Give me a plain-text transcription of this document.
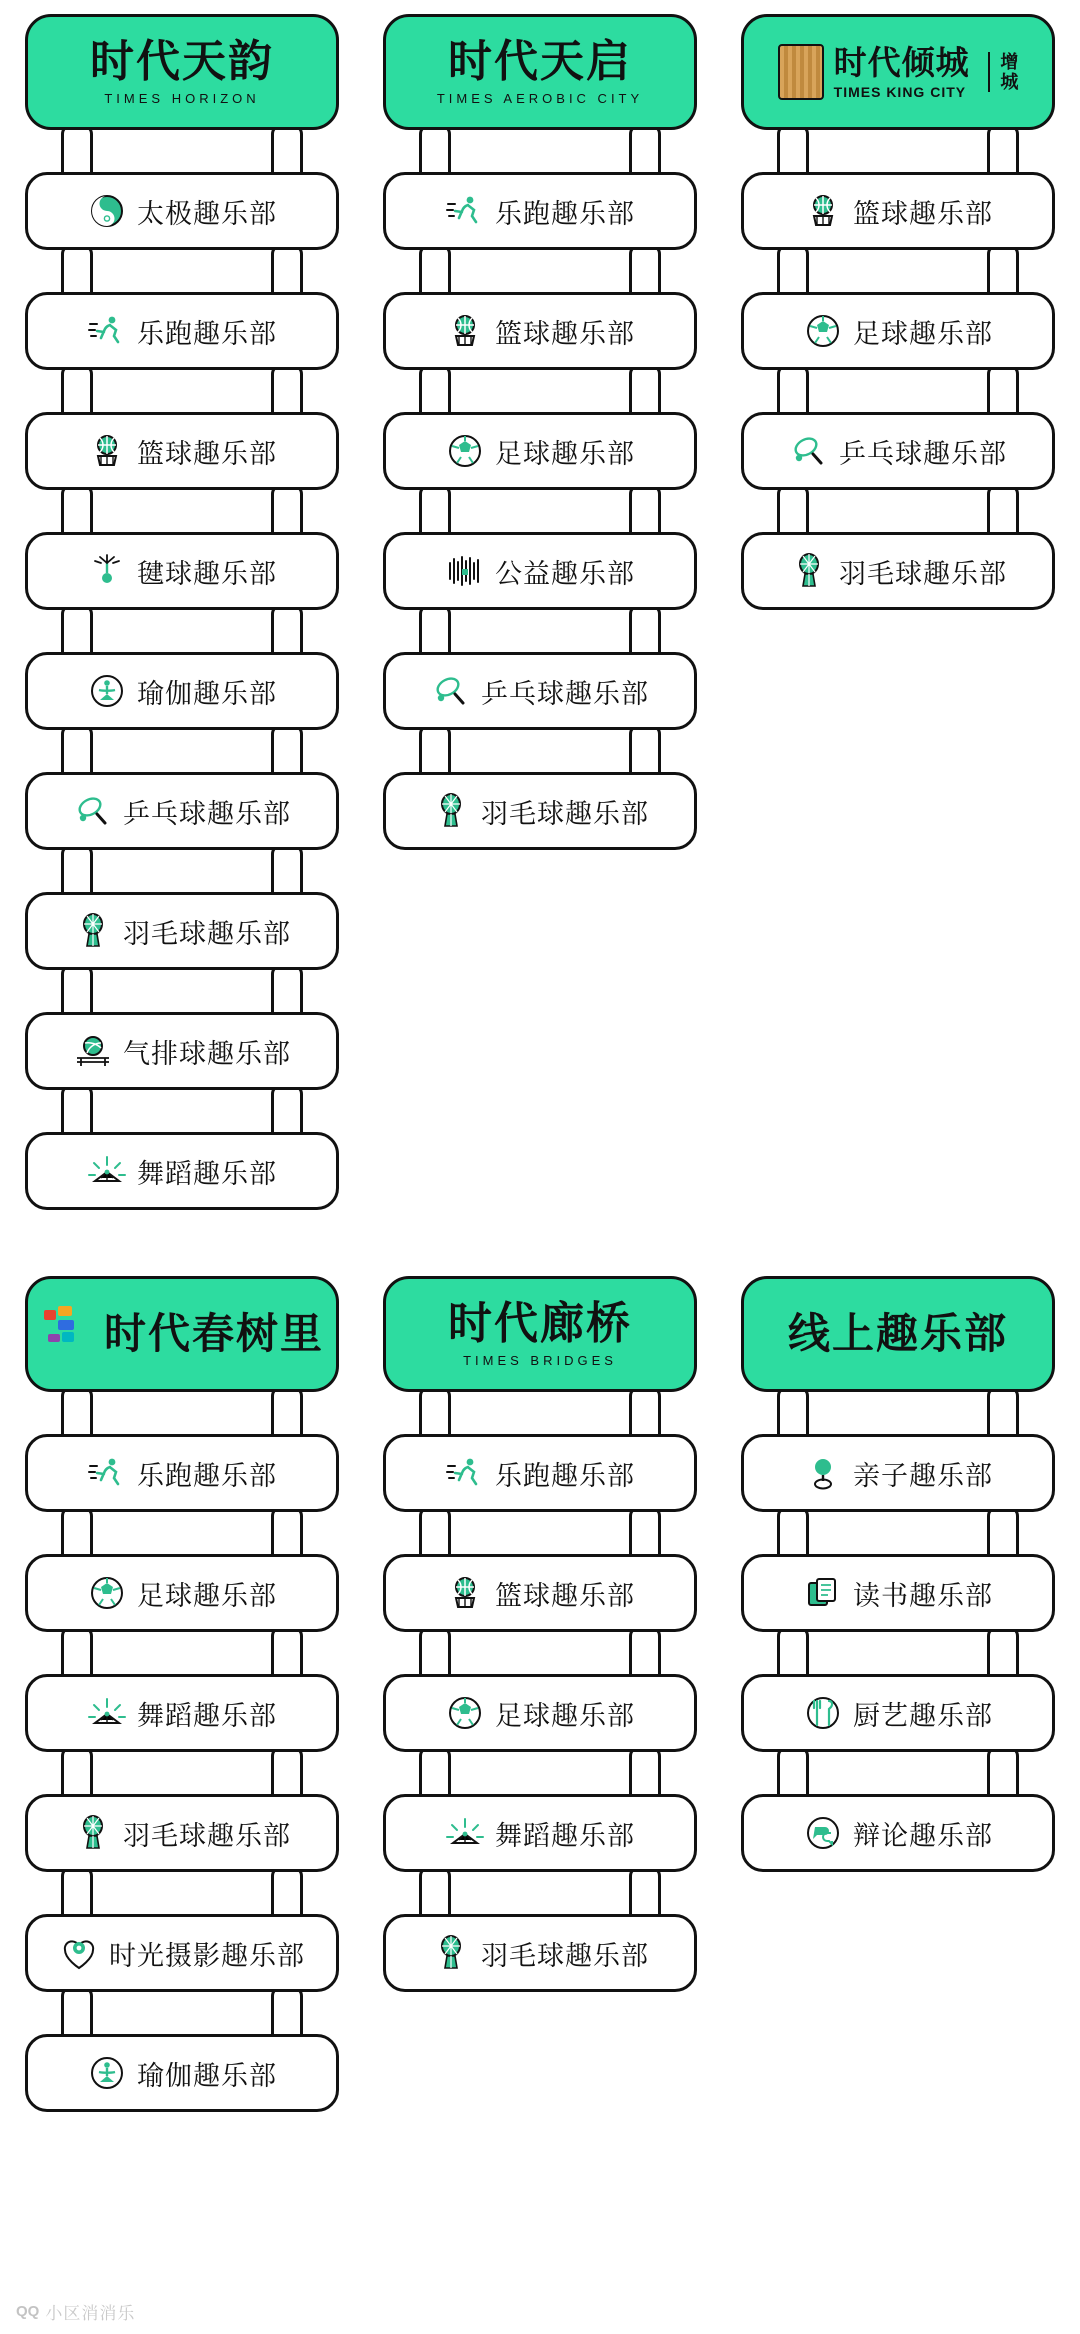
时代天韵
TIMES HORIZON
太极趣乐部
乐跑趣乐部
篮球趣乐部
毽球趣乐部
瑜伽趣乐部
乒乓球趣乐部
羽毛球趣乐部
气排球趣乐部
舞蹈趣乐部
时代天启
TIMES AEROBIC CITY
乐跑趣乐部
篮球趣乐部
足球趣乐部
公益趣乐部
乒乓球趣乐部
羽毛球趣乐部
时代倾城
TIMES KING CITY	增城
篮球趣乐部
足球趣乐部
乒乓球趣乐部
羽毛球趣乐部
时代春树里
乐跑趣乐部
足球趣乐部
舞蹈趣乐部
羽毛球趣乐部
时光摄影趣乐部
瑜伽趣乐部
时代廊桥
TIMES BRIDGES
乐跑趣乐部
篮球趣乐部
足球趣乐部
舞蹈趣乐部
羽毛球趣乐部
线上趣乐部
亲子趣乐部
读书趣乐部
厨艺趣乐部
辩论趣乐部
QQ 小区消消乐
